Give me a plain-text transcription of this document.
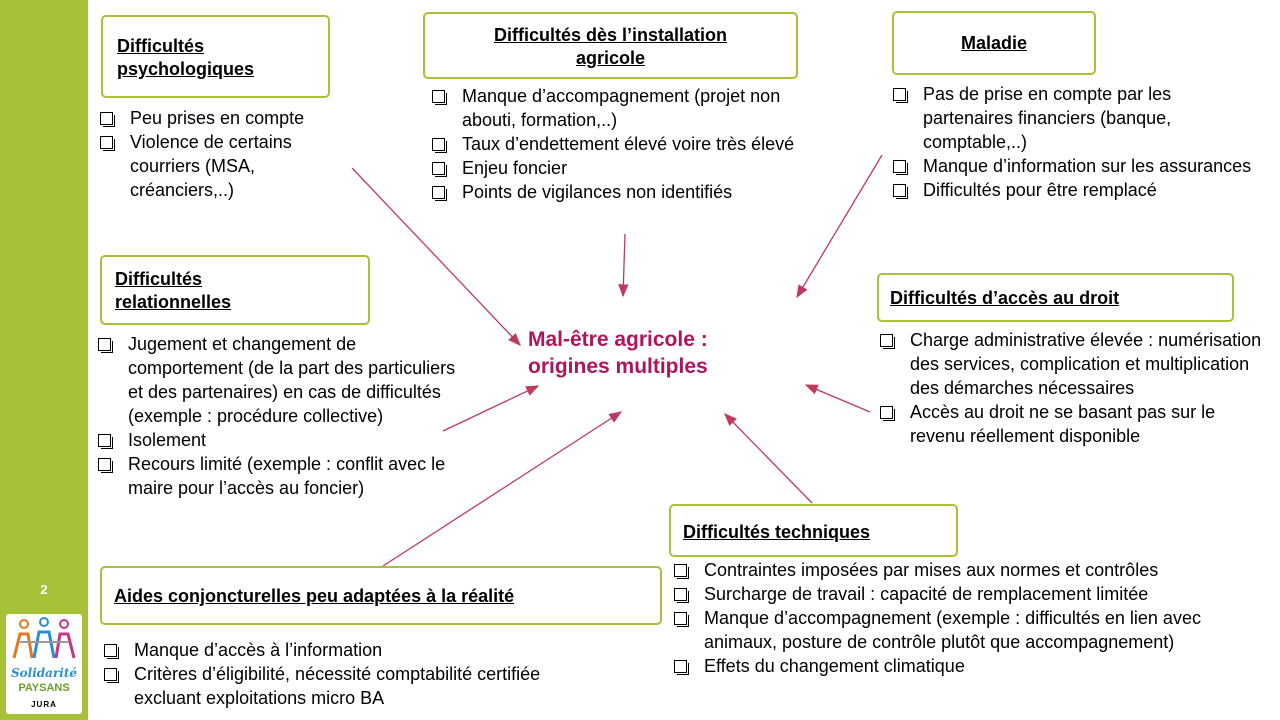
2
Solidarité
PAYSANS
JURA
Mal-être agricole :
origines multiples
Difficultés
psychologiques
Peu prises en compte
Violence de certains courriers (MSA, créanciers,..)
Difficultés dès l’installation
agricole
Manque d’accompagnement (projet non abouti, formation,..)
Taux d’endettement élevé voire très élevé
Enjeu foncier
Points de vigilances non identifiés
Maladie
Pas de prise en compte par les partenaires financiers (banque, comptable,..)
Manque d’information sur les assurances
Difficultés pour être remplacé
Difficultés
relationnelles
Jugement et changement de comportement (de la part des particuliers et des partenaires) en cas de difficultés (exemple : procédure collective)
Isolement
Recours limité (exemple : conflit avec le maire pour l’accès au foncier)
Difficultés d’accès au droit
Charge administrative élevée : numérisation des services, complication et multiplication des démarches nécessaires
Accès au droit ne se basant pas sur le revenu réellement disponible
Difficultés techniques
Contraintes imposées par mises aux normes et contrôles
Surcharge de travail : capacité de remplacement limitée
Manque d’accompagnement (exemple : difficultés en lien avec animaux, posture de contrôle plutôt que accompagnement)
Effets du changement climatique
Aides conjoncturelles peu adaptées à la réalité
Manque d’accès à l’information
Critères d’éligibilité, nécessité comptabilité certifiée excluant exploitations micro BA
